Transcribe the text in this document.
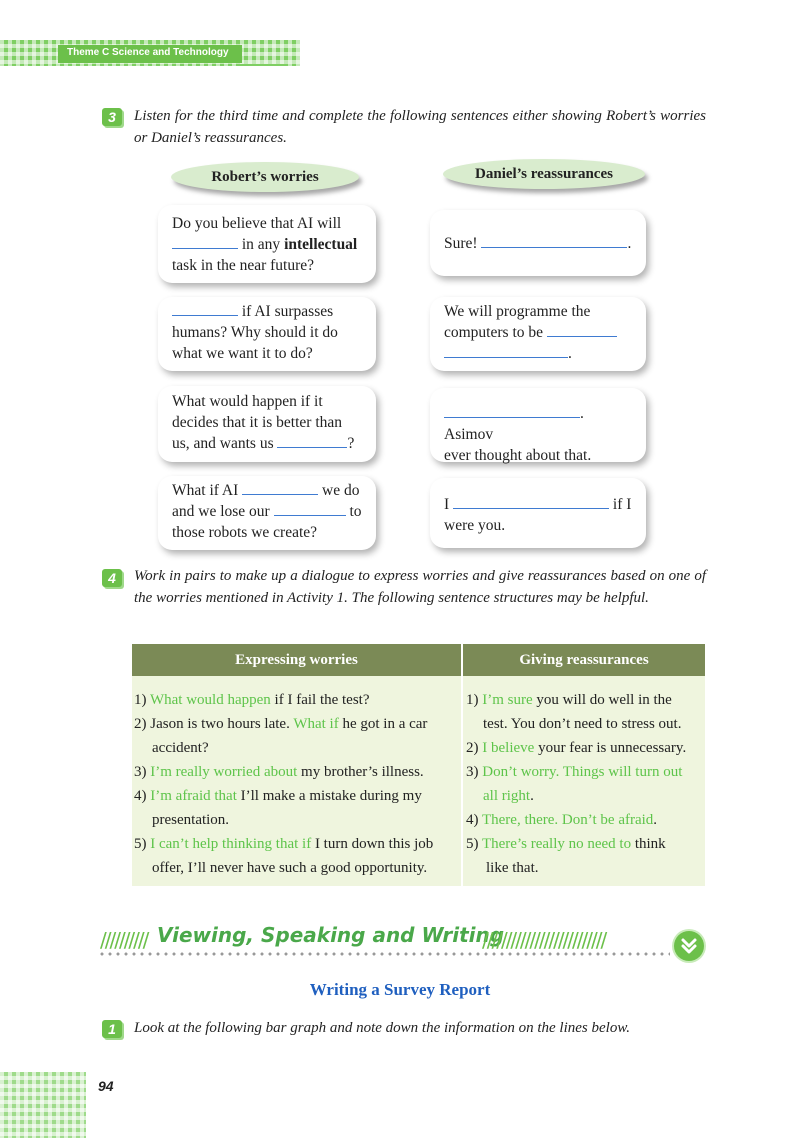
Theme C Science and Technology
3	Listen for the third time and complete the following sentences either showing Robert’s worries or Daniel’s reassurances.
Robert’s worries	Daniel’s reassurances
Do you believe that AI will
in any intellectual
task in the near future?
if AI surpasses
humans? Why should it do
what we want it to do?
What would happen if it
decides that it is better than
us, and wants us	?
What if AI	we do
and we lose our	to
those robots we create?
Sure!	.
We will programme the
computers to be
.
. Asimov
ever thought about that.
I	if I
were you.
4	Work in pairs to make up a dialogue to express worries and give reassurances based on one of the worries mentioned in Activity 1. The following sentence structures may be helpful.
Expressing worries	Giving reassurances
1) What would happen if I fail the test?
2) Jason is two hours late. What if he got in a car
accident?
3) I’m really worried about my brother’s illness.
4) I’m afraid that I’ll make a mistake during my
presentation.
5) I can’t help thinking that if I turn down this job
offer, I’ll never have such a good opportunity.
1) I’m sure you will do well in the
test. You don’t need to stress out.
2) I believe your fear is unnecessary.
3) Don’t worry. Things will turn out
all right.
4) There, there. Don’t be afraid.
5) There’s really no need to think
like that.
////////// Viewing, Speaking and Writing
//////////////////////////
Writing a Survey Report
1	Look at the following bar graph and note down the information on the lines below.
94
